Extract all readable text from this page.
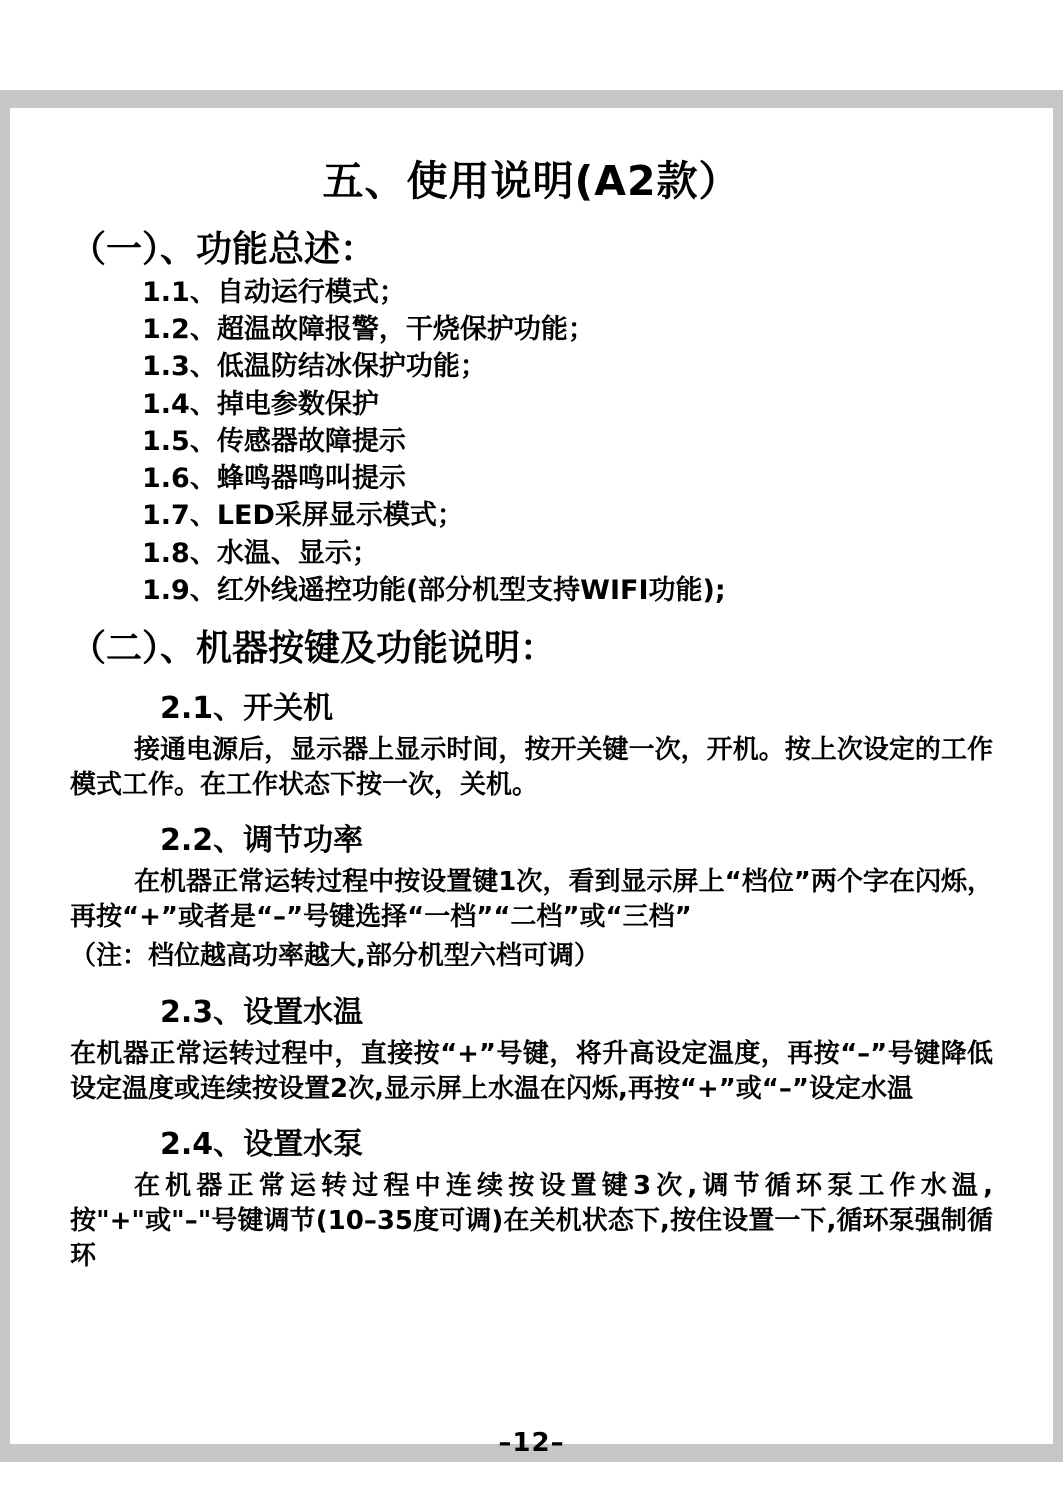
五、使用说明(A2款）
（一）、功能总述：
1.1、自动运行模式；
1.2、超温故障报警，干烧保护功能；
1.3、低温防结冰保护功能；
1.4、掉电参数保护
1.5、传感器故障提示
1.6、蜂鸣器鸣叫提示
1.7、LED采屏显示模式；
1.8、水温、显示；
1.9、红外线遥控功能(部分机型支持WIFI功能);
（二）、机器按键及功能说明：
2.1、开关机

接通电源后，显示器上显示时间，按开关键一次，开机。按上次设定的工作模式工作。在工作状态下按一次，关机。

2.2、调节功率

在机器正常运转过程中按设置键1次，看到显示屏上“档位”两个字在闪烁，再按“+”或者是“–”号键选择“一档”“二档”或“三档”

（注：档位越高功率越大,部分机型六档可调）

2.3、设置水温

在机器正常运转过程中，直接按“+”号键，将升高设定温度，再按“–”号键降低设定温度或连续按设置2次,显示屏上水温在闪烁,再按“+”或“–”设定水温

2.4、设置水泵

在机器正常运转过程中连续按设置键3次,调节循环泵工作水温,按"+"或"–"号键调节(10–35度可调)在关机状态下,按住设置一下,循环泵强制循环

–12–
